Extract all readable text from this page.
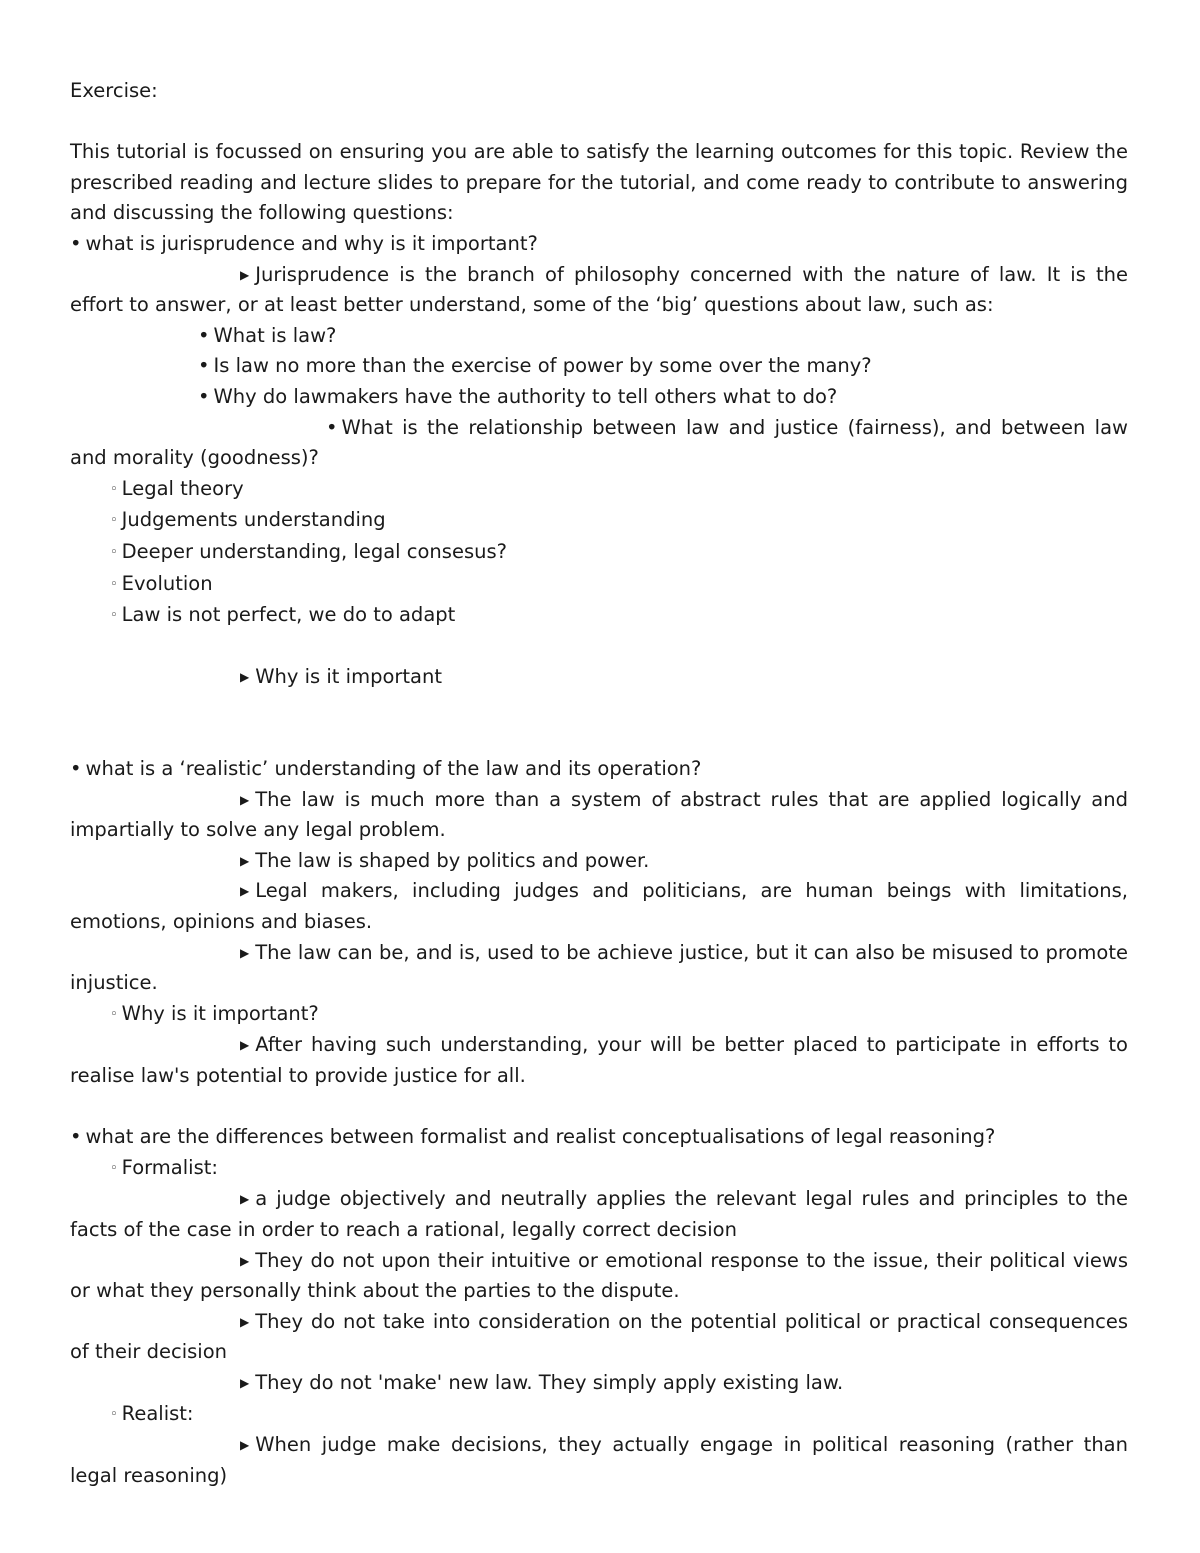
Exercise:

This tutorial is focussed on ensuring you are able to satisfy the learning outcomes for this topic. Review the prescribed reading and lecture slides to prepare for the tutorial, and come ready to contribute to answering and discussing the following questions:

• what is jurisprudence and why is it important?

▶ Jurisprudence is the branch of philosophy concerned with the nature of law. It is the effort to answer, or at least better understand, some of the ‘big’ questions about law, such as:

• What is law?

• Is law no more than the exercise of power by some over the many?

• Why do lawmakers have the authority to tell others what to do?

• What is the relationship between law and justice (fairness), and between law and morality (goodness)?

◦ Legal theory

◦ Judgements understanding

◦ Deeper understanding, legal consesus?

◦ Evolution

◦ Law is not perfect, we do to adapt

▶ Why is it important

• what is a ‘realistic’ understanding of the law and its operation?

▶ The law is much more than a system of abstract rules that are applied logically and impartially to solve any legal problem.

▶ The law is shaped by politics and power.

▶ Legal makers, including judges and politicians, are human beings with limitations, emotions, opinions and biases.

▶ The law can be, and is, used to be achieve justice, but it can also be misused to promote injustice.

◦ Why is it important?

▶ After having such understanding, your will be better placed to participate in efforts to realise law's potential to provide justice for all.

• what are the differences between formalist and realist conceptualisations of legal reasoning?

◦ Formalist:

▶ a judge objectively and neutrally applies the relevant legal rules and principles to the facts of the case in order to reach a rational, legally correct decision

▶ They do not upon their intuitive or emotional response to the issue, their political views or what they personally think about the parties to the dispute.

▶ They do not take into consideration on the potential political or practical consequences of their decision

▶ They do not 'make' new law. They simply apply existing law.

◦ Realist:

▶ When judge make decisions, they actually engage in political reasoning (rather than legal reasoning)
